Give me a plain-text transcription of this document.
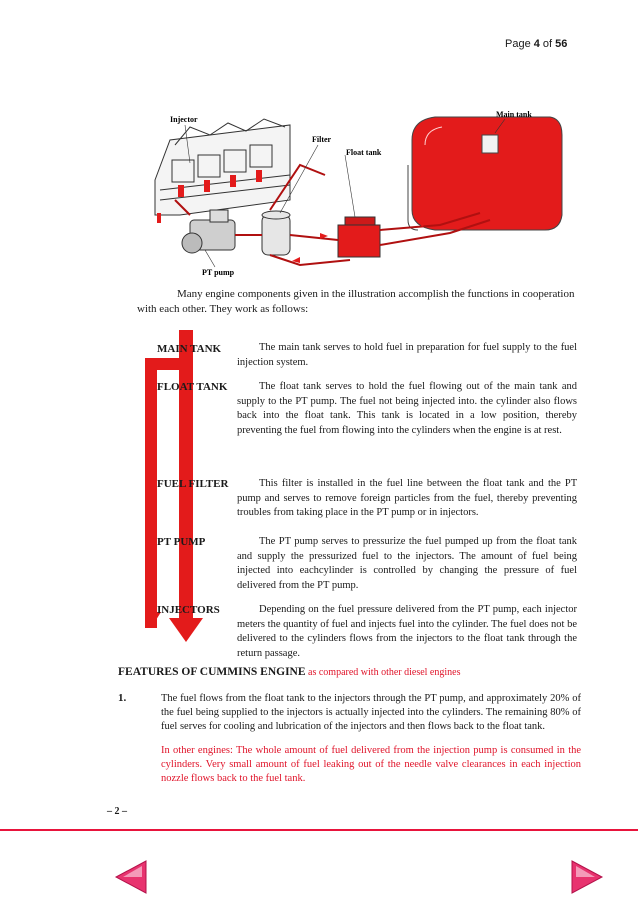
Page 4 of 56
Injector
Filter
Float tank
Main tank
PT pump
Many engine components given in the illustration accomplish the functions in cooperation
with each other. They work as follows:
MAIN TANK
FLOAT TANK
FUEL FILTER
PT PUMP
INJECTORS
The main tank serves to hold fuel in preparation for fuel supply to the fuel injection system.
The float tank serves to hold the fuel flowing out of the main tank and supply to the PT pump. The fuel not being injected into. the cylinder also flows back into the float tank. This tank is located in a low position, thereby preventing the fuel from flowing into the cylinders when the engine is at rest.
This filter is installed in the fuel line between the float tank and the PT pump and serves to remove foreign particles from the fuel, thereby preventing troubles from taking place in the PT pump or in injectors.
The PT pump serves to pressurize the fuel pumped up from the float tank and supply the pressurized fuel to the injectors. The amount of fuel being injected into eachcylinder is controlled by changing the pressure of fuel delivered from the PT pump.
Depending on the fuel pressure delivered from the PT pump, each injector meters the quantity of fuel and injects fuel into the cylinder. The fuel does not be delivered to the cylinders flows from the injectors to the float tank through the return passage.
FEATURES OF CUMMINS ENGINE as compared with other diesel engines
1.	The fuel flows from the float tank to the injectors through the PT pump, and approximately 20% of the fuel being supplied to the injectors is actually injected into the cylinders. The remaining 80% of fuel serves for cooling and lubrication of the injectors and then flows back to the float tank.
In other engines: The whole amount of fuel delivered from the injection pump is consumed in the cylinders. Very small amount of fuel leaking out of the needle valve clearances in each injection nozzle flows back to the fuel tank.
– 2 –
